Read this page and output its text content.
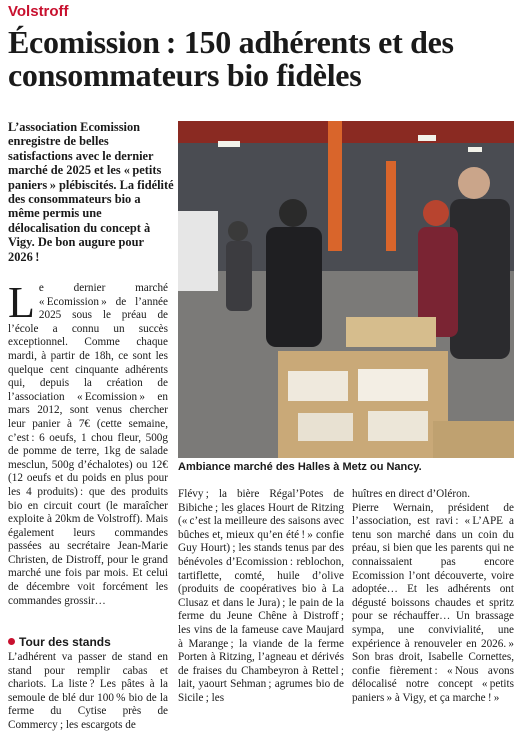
Volstroff
Écomission : 150 adhérents et des consommateurs bio fidèles
L’association Ecomission enregistre de belles satisfactions avec le dernier marché de 2025 et les « petits paniers » plébiscités. La fidélité des consommateurs bio a même permis une délocalisation du concept à Vigy. De bon augure pour 2026 !
Le dernier marché « Ecomission » de l’année 2025 sous le préau de l’école a connu un succès exceptionnel. Comme chaque mardi, à partir de 18h, ce sont les quelque cent cinquante adhérents qui, depuis la création de l’association « Ecomission » en mars 2012, sont venus chercher leur panier à 7€ (cette semaine, c’est : 6 oeufs, 1 chou fleur, 500g de pomme de terre, 1kg de salade mesclun, 500g d’échalotes) ou 12€ (12 oeufs et du poids en plus pour les 4 produits) : que des produits bio en circuit court (le maraîcher exploite à 20km de Volstroff). Mais également leurs commandes passées au secrétaire Jean-Marie Christen, de Distroff, pour le grand marché une fois par mois. Et celui de décembre voit forcément les commandes grossir…
Tour des stands
L’adhérent va passer de stand en stand pour remplir cabas et chariots. La liste ? Les pâtes à la semoule de blé dur 100 % bio de la ferme du Cytise près de Commercy ; les escargots de
Ambiance marché des Halles à Metz ou Nancy.
Flévy ; la bière Régal’Potes de Bibiche ; les glaces Hourt de Ritzing (« c’est la meilleure des saisons avec bûches et, mieux qu’en été ! » confie Guy Hourt) ; les stands tenus par des bénévoles d’Ecomission : reblochon, tartiflette, comté, huile d’olive (produits de coopératives bio à La Clusaz et dans le Jura) ; le pain de la ferme du Jeune Chêne à Distroff ; les vins de la fameuse cave Maujard à Marange ; la viande de la ferme Porten à Ritzing, l’agneau et dérivés de fraises du Chambeyron à Rettel ; lait, yaourt Sehman ; agrumes bio de Sicile ; les
huîtres en direct d’Oléron.
Pierre Wernain, président de l’association, est ravi : « L’APE a tenu son marché dans un coin du préau, si bien que les parents qui ne connaissaient pas encore Ecomission l’ont découverte, voire adoptée… Et les adhérents ont dégusté boissons chaudes et spritz pour se réchauffer… Un brassage sympa, une convivialité, une expérience à renouveler en 2026. » Son bras droit, Isabelle Cornettes, confie fièrement : « Nous avons délocalisé notre concept « petits paniers » à Vigy, et ça marche ! »
